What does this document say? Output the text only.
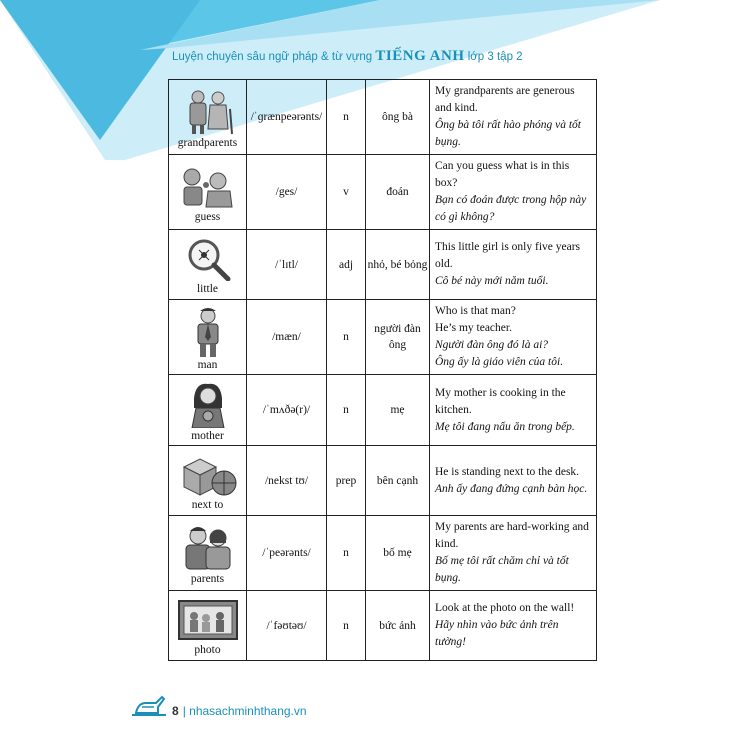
Luyện chuyên sâu ngữ pháp & từ vựng TIẾNG ANH lớp 3 tập 2
grandparents	/ˈɡrænpeərənts/	n	ông bà	My grandparents are generous and kind.
Ông bà tôi rất hào phóng và tốt bụng.

guess	/ges/	v	đoán	Can you guess what is in this box?
Bạn có đoán được trong hộp này có gì không?

little	/ˈlɪtl/	adj	nhỏ, bé bỏng	This little girl is only five years old.
Cô bé này mới năm tuổi.

man	/mæn/	n	người đàn ông	Who is that man?
He’s my teacher.
Người đàn ông đó là ai?
Ông ấy là giáo viên của tôi.

mother	/ˈmʌðə(r)/	n	mẹ	My mother is cooking in the kitchen.
Mẹ tôi đang nấu ăn trong bếp.

next to	/nekst tʊ/	prep	bên cạnh	He is standing next to the desk.
Anh ấy đang đứng cạnh bàn học.

parents	/ˈpeərənts/	n	bố mẹ	My parents are hard-working and kind.
Bố mẹ tôi rất chăm chỉ và tốt bụng.

photo	/ˈfəʊtəʊ/	n	bức ảnh	Look at the photo on the wall!
Hãy nhìn vào bức ảnh trên tường!
8 | nhasachminhthang.vn
